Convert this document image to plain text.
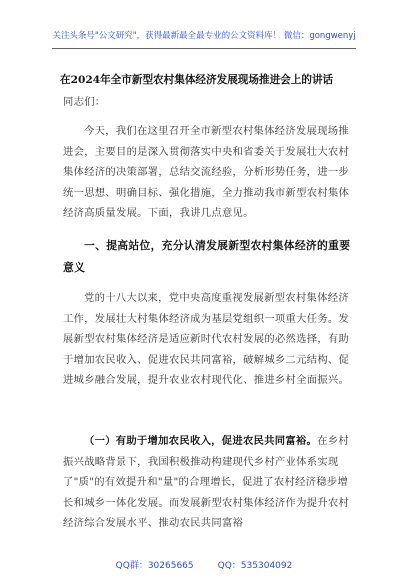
关注头条号"公文研究"，获得最新最全最专业的公文资料库！ 微信：gongwenyj
在2024年全市新型农村集体经济发展现场推进会上的讲话

同志们：

今天，我们在这里召开全市新型农村集体经济发展现场推进会，主要目的是深入贯彻落实中央和省委关于发展壮大农村集体经济的决策部署，总结交流经验，分析形势任务，进一步统一思想、明确目标、强化措施，全力推动我市新型农村集体经济高质量发展。下面，我讲几点意见。

一、提高站位，充分认清发展新型农村集体经济的重要意义

党的十八大以来，党中央高度重视发展新型农村集体经济工作，发展壮大村集体经济成为基层党组织一项重大任务。发展新型农村集体经济是适应新时代农村发展的必然选择，有助于增加农民收入、促进农民共同富裕，破解城乡二元结构、促进城乡融合发展，提升农业农村现代化、推进乡村全面振兴。

（一）有助于增加农民收入，促进农民共同富裕。在乡村振兴战略背景下，我国积极推动构建现代乡村产业体系实现了"质"的有效提升和"量"的合理增长，促进了农村经济稳步增长和城乡一体化发展。而发展新型农村集体经济作为提升农村经济综合发展水平、推动农民共同富裕

QQ群：30265665	QQ：535304092
